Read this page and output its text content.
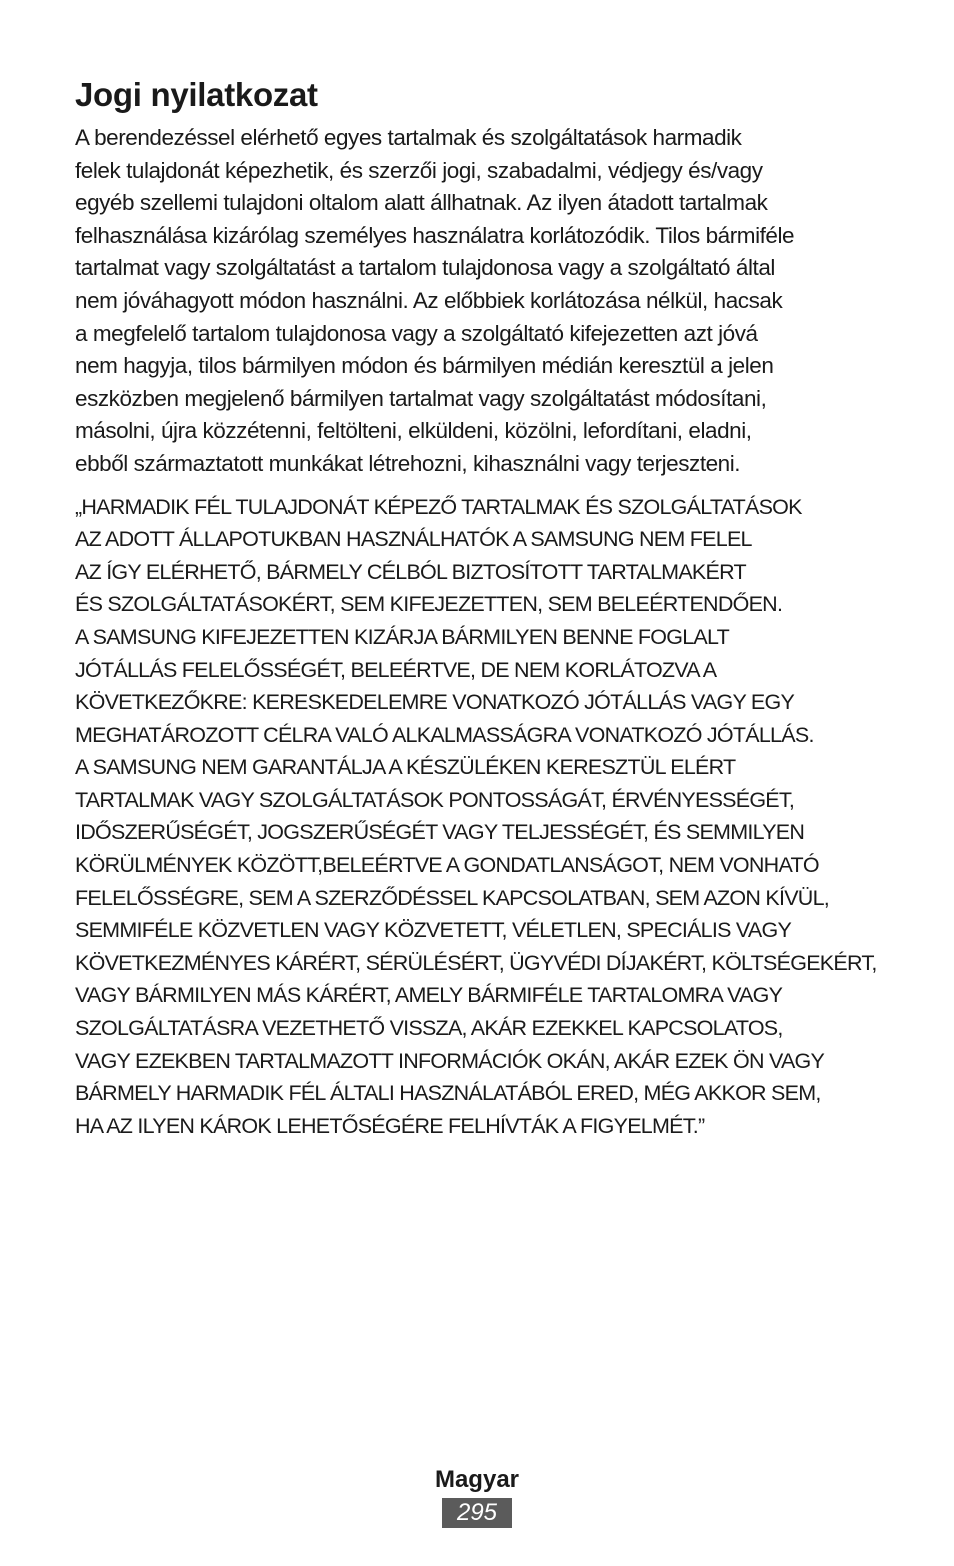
Jogi nyilatkozat

A berendezéssel elérhető egyes tartalmak és szolgáltatások harmadik
felek tulajdonát képezhetik, és szerzői jogi, szabadalmi, védjegy és/vagy
egyéb szellemi tulajdoni oltalom alatt állhatnak. Az ilyen átadott tartalmak
felhasználása kizárólag személyes használatra korlátozódik. Tilos bármiféle
tartalmat vagy szolgáltatást a tartalom tulajdonosa vagy a szolgáltató által
nem jóváhagyott módon használni. Az előbbiek korlátozása nélkül, hacsak
a megfelelő tartalom tulajdonosa vagy a szolgáltató kifejezetten azt jóvá
nem hagyja, tilos bármilyen módon és bármilyen médián keresztül a jelen
eszközben megjelenő bármilyen tartalmat vagy szolgáltatást módosítani,
másolni, újra közzétenni, feltölteni, elküldeni, közölni, lefordítani, eladni,
ebből származtatott munkákat létrehozni, kihasználni vagy terjeszteni.

„HARMADIK FÉL TULAJDONÁT KÉPEZŐ TARTALMAK ÉS SZOLGÁLTATÁSOK
AZ ADOTT ÁLLAPOTUKBAN HASZNÁLHATÓK A SAMSUNG NEM FELEL
AZ ÍGY ELÉRHETŐ, BÁRMELY CÉLBÓL BIZTOSÍTOTT TARTALMAKÉRT
ÉS SZOLGÁLTATÁSOKÉRT, SEM KIFEJEZETTEN, SEM BELEÉRTENDŐEN.
A SAMSUNG KIFEJEZETTEN KIZÁRJA BÁRMILYEN BENNE FOGLALT
JÓTÁLLÁS FELELŐSSÉGÉT, BELEÉRTVE, DE NEM KORLÁTOZVA A
KÖVETKEZŐKRE: KERESKEDELEMRE VONATKOZÓ JÓTÁLLÁS VAGY EGY
MEGHATÁROZOTT CÉLRA VALÓ ALKALMASSÁGRA VONATKOZÓ JÓTÁLLÁS.
A SAMSUNG NEM GARANTÁLJA A KÉSZÜLÉKEN KERESZTÜL ELÉRT
TARTALMAK VAGY SZOLGÁLTATÁSOK PONTOSSÁGÁT, ÉRVÉNYESSÉGÉT,
IDŐSZERŰSÉGÉT, JOGSZERŰSÉGÉT VAGY TELJESSÉGÉT, ÉS SEMMILYEN
KÖRÜLMÉNYEK KÖZÖTT,BELEÉRTVE A GONDATLANSÁGOT, NEM VONHATÓ
FELELŐSSÉGRE, SEM A SZERZŐDÉSSEL KAPCSOLATBAN, SEM AZON KÍVÜL,
SEMMIFÉLE KÖZVETLEN VAGY KÖZVETETT, VÉLETLEN, SPECIÁLIS VAGY
KÖVETKEZMÉNYES KÁRÉRT, SÉRÜLÉSÉRT, ÜGYVÉDI DÍJAKÉRT, KÖLTSÉGEKÉRT,
VAGY BÁRMILYEN MÁS KÁRÉRT, AMELY BÁRMIFÉLE TARTALOMRA VAGY
SZOLGÁLTATÁSRA VEZETHETŐ VISSZA, AKÁR EZEKKEL KAPCSOLATOS,
VAGY EZEKBEN TARTALMAZOTT INFORMÁCIÓK OKÁN, AKÁR EZEK ÖN VAGY
BÁRMELY HARMADIK FÉL ÁLTALI HASZNÁLATÁBÓL ERED, MÉG AKKOR SEM,
HA AZ ILYEN KÁROK LEHETŐSÉGÉRE FELHÍVTÁK A FIGYELMÉT.”

Magyar
295
